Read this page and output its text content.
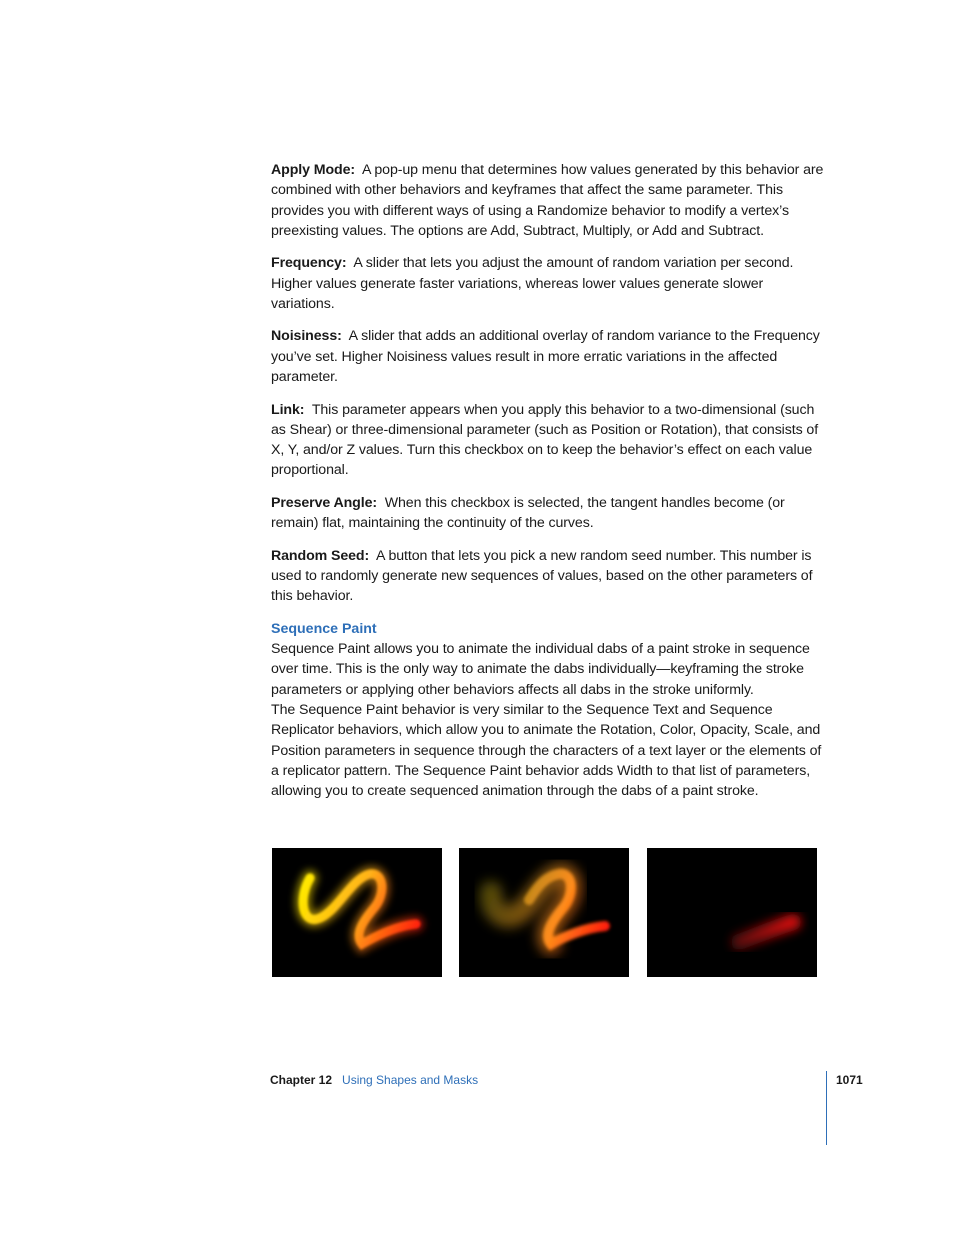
Apply Mode: A pop-up menu that determines how values generated by this behavior are combined with other behaviors and keyframes that affect the same parameter. This provides you with different ways of using a Randomize behavior to modify a vertex’s preexisting values. The options are Add, Subtract, Multiply, or Add and Subtract.

Frequency: A slider that lets you adjust the amount of random variation per second. Higher values generate faster variations, whereas lower values generate slower variations.

Noisiness: A slider that adds an additional overlay of random variance to the Frequency you’ve set. Higher Noisiness values result in more erratic variations in the affected parameter.

Link: This parameter appears when you apply this behavior to a two-dimensional (such as Shear) or three-dimensional parameter (such as Position or Rotation), that consists of X, Y, and/or Z values. Turn this checkbox on to keep the behavior’s effect on each value proportional.

Preserve Angle: When this checkbox is selected, the tangent handles become (or remain) flat, maintaining the continuity of the curves.

Random Seed: A button that lets you pick a new random seed number. This number is used to randomly generate new sequences of values, based on the other parameters of this behavior.

Sequence Paint

Sequence Paint allows you to animate the individual dabs of a paint stroke in sequence over time. This is the only way to animate the dabs individually—keyframing the stroke parameters or applying other behaviors affects all dabs in the stroke uniformly.

The Sequence Paint behavior is very similar to the Sequence Text and Sequence Replicator behaviors, which allow you to animate the Rotation, Color, Opacity, Scale, and Position parameters in sequence through the characters of a text layer or the elements of a replicator pattern. The Sequence Paint behavior adds Width to that list of parameters, allowing you to create sequenced animation through the dabs of a paint stroke.

Chapter 12 Using Shapes and Masks	1071
